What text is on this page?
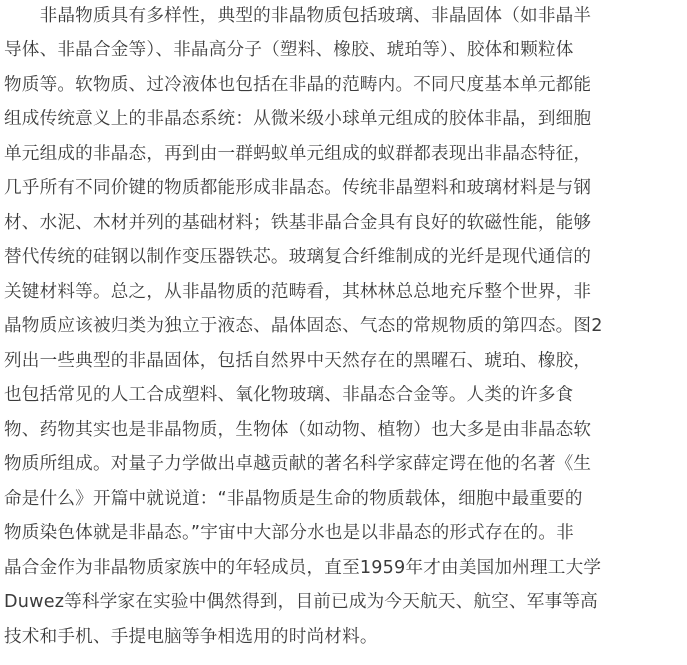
　　非晶物质具有多样性，典型的非晶物质包括玻璃、非晶固体（如非晶半
导体、非晶合金等）、非晶高分子（塑料、橡胶、琥珀等）、胶体和颗粒体
物质等。软物质、过冷液体也包括在非晶的范畴内。不同尺度基本单元都能
组成传统意义上的非晶态系统：从微米级小球单元组成的胶体非晶，到细胞
单元组成的非晶态，再到由一群蚂蚁单元组成的蚁群都表现出非晶态特征，
几乎所有不同价键的物质都能形成非晶态。传统非晶塑料和玻璃材料是与钢
材、水泥、木材并列的基础材料；铁基非晶合金具有良好的软磁性能，能够
替代传统的硅钢以制作变压器铁芯。玻璃复合纤维制成的光纤是现代通信的
关键材料等。总之，从非晶物质的范畴看，其林林总总地充斥整个世界，非
晶物质应该被归类为独立于液态、晶体固态、气态的常规物质的第四态。图2
列出一些典型的非晶固体，包括自然界中天然存在的黑曜石、琥珀、橡胶，
也包括常见的人工合成塑料、氧化物玻璃、非晶态合金等。人类的许多食
物、药物其实也是非晶物质，生物体（如动物、植物）也大多是由非晶态软
物质所组成。对量子力学做出卓越贡献的著名科学家薛定谔在他的名著《生
命是什么》开篇中就说道：“非晶物质是生命的物质载体，细胞中最重要的
物质染色体就是非晶态。”宇宙中大部分水也是以非晶态的形式存在的。非
晶合金作为非晶物质家族中的年轻成员，直至1959年才由美国加州理工大学
Duwez等科学家在实验中偶然得到，目前已成为今天航天、航空、军事等高
技术和手机、手提电脑等争相选用的时尚材料。
